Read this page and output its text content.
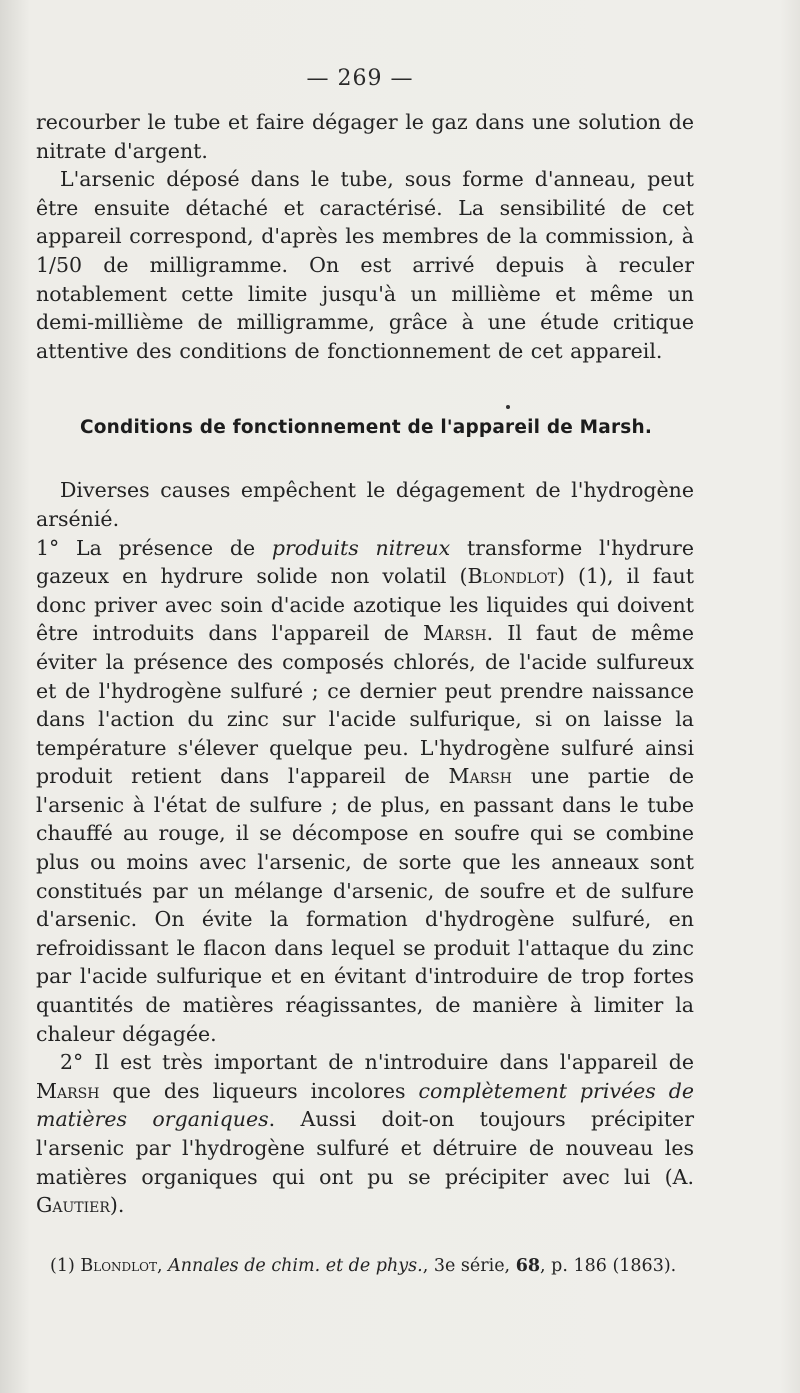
— 269 —

recourber le tube et faire dégager le gaz dans une solution de nitrate d'argent.

L'arsenic déposé dans le tube, sous forme d'anneau, peut être ensuite détaché et caractérisé. La sensibilité de cet appareil correspond, d'après les membres de la commission, à 1/50 de milligramme. On est arrivé depuis à reculer notablement cette limite jusqu'à un millième et même un demi-millième de milligramme, grâce à une étude critique attentive des conditions de fonctionnement de cet appareil.

Conditions de fonctionnement de l'appareil de Marsh.

Diverses causes empêchent le dégagement de l'hydrogène arsénié.

1° La présence de produits nitreux transforme l'hydrure gazeux en hydrure solide non volatil (Blondlot) (1), il faut donc priver avec soin d'acide azotique les liquides qui doivent être introduits dans l'appareil de Marsh. Il faut de même éviter la présence des composés chlorés, de l'acide sulfureux et de l'hydrogène sulfuré ; ce dernier peut prendre naissance dans l'action du zinc sur l'acide sulfurique, si on laisse la température s'élever quelque peu. L'hydrogène sulfuré ainsi produit retient dans l'appareil de Marsh une partie de l'arsenic à l'état de sulfure ; de plus, en passant dans le tube chauffé au rouge, il se décompose en soufre qui se combine plus ou moins avec l'arsenic, de sorte que les anneaux sont constitués par un mélange d'arsenic, de soufre et de sulfure d'arsenic. On évite la formation d'hydrogène sulfuré, en refroidissant le flacon dans lequel se produit l'attaque du zinc par l'acide sulfurique et en évitant d'introduire de trop fortes quantités de matières réagissantes, de manière à limiter la chaleur dégagée.

2° Il est très important de n'introduire dans l'appareil de Marsh que des liqueurs incolores complètement privées de matières organiques. Aussi doit-on toujours précipiter l'arsenic par l'hydrogène sulfuré et détruire de nouveau les matières organiques qui ont pu se précipiter avec lui (A. Gautier).

(1) Blondlot, Annales de chim. et de phys., 3e série, 68, p. 186 (1863).
